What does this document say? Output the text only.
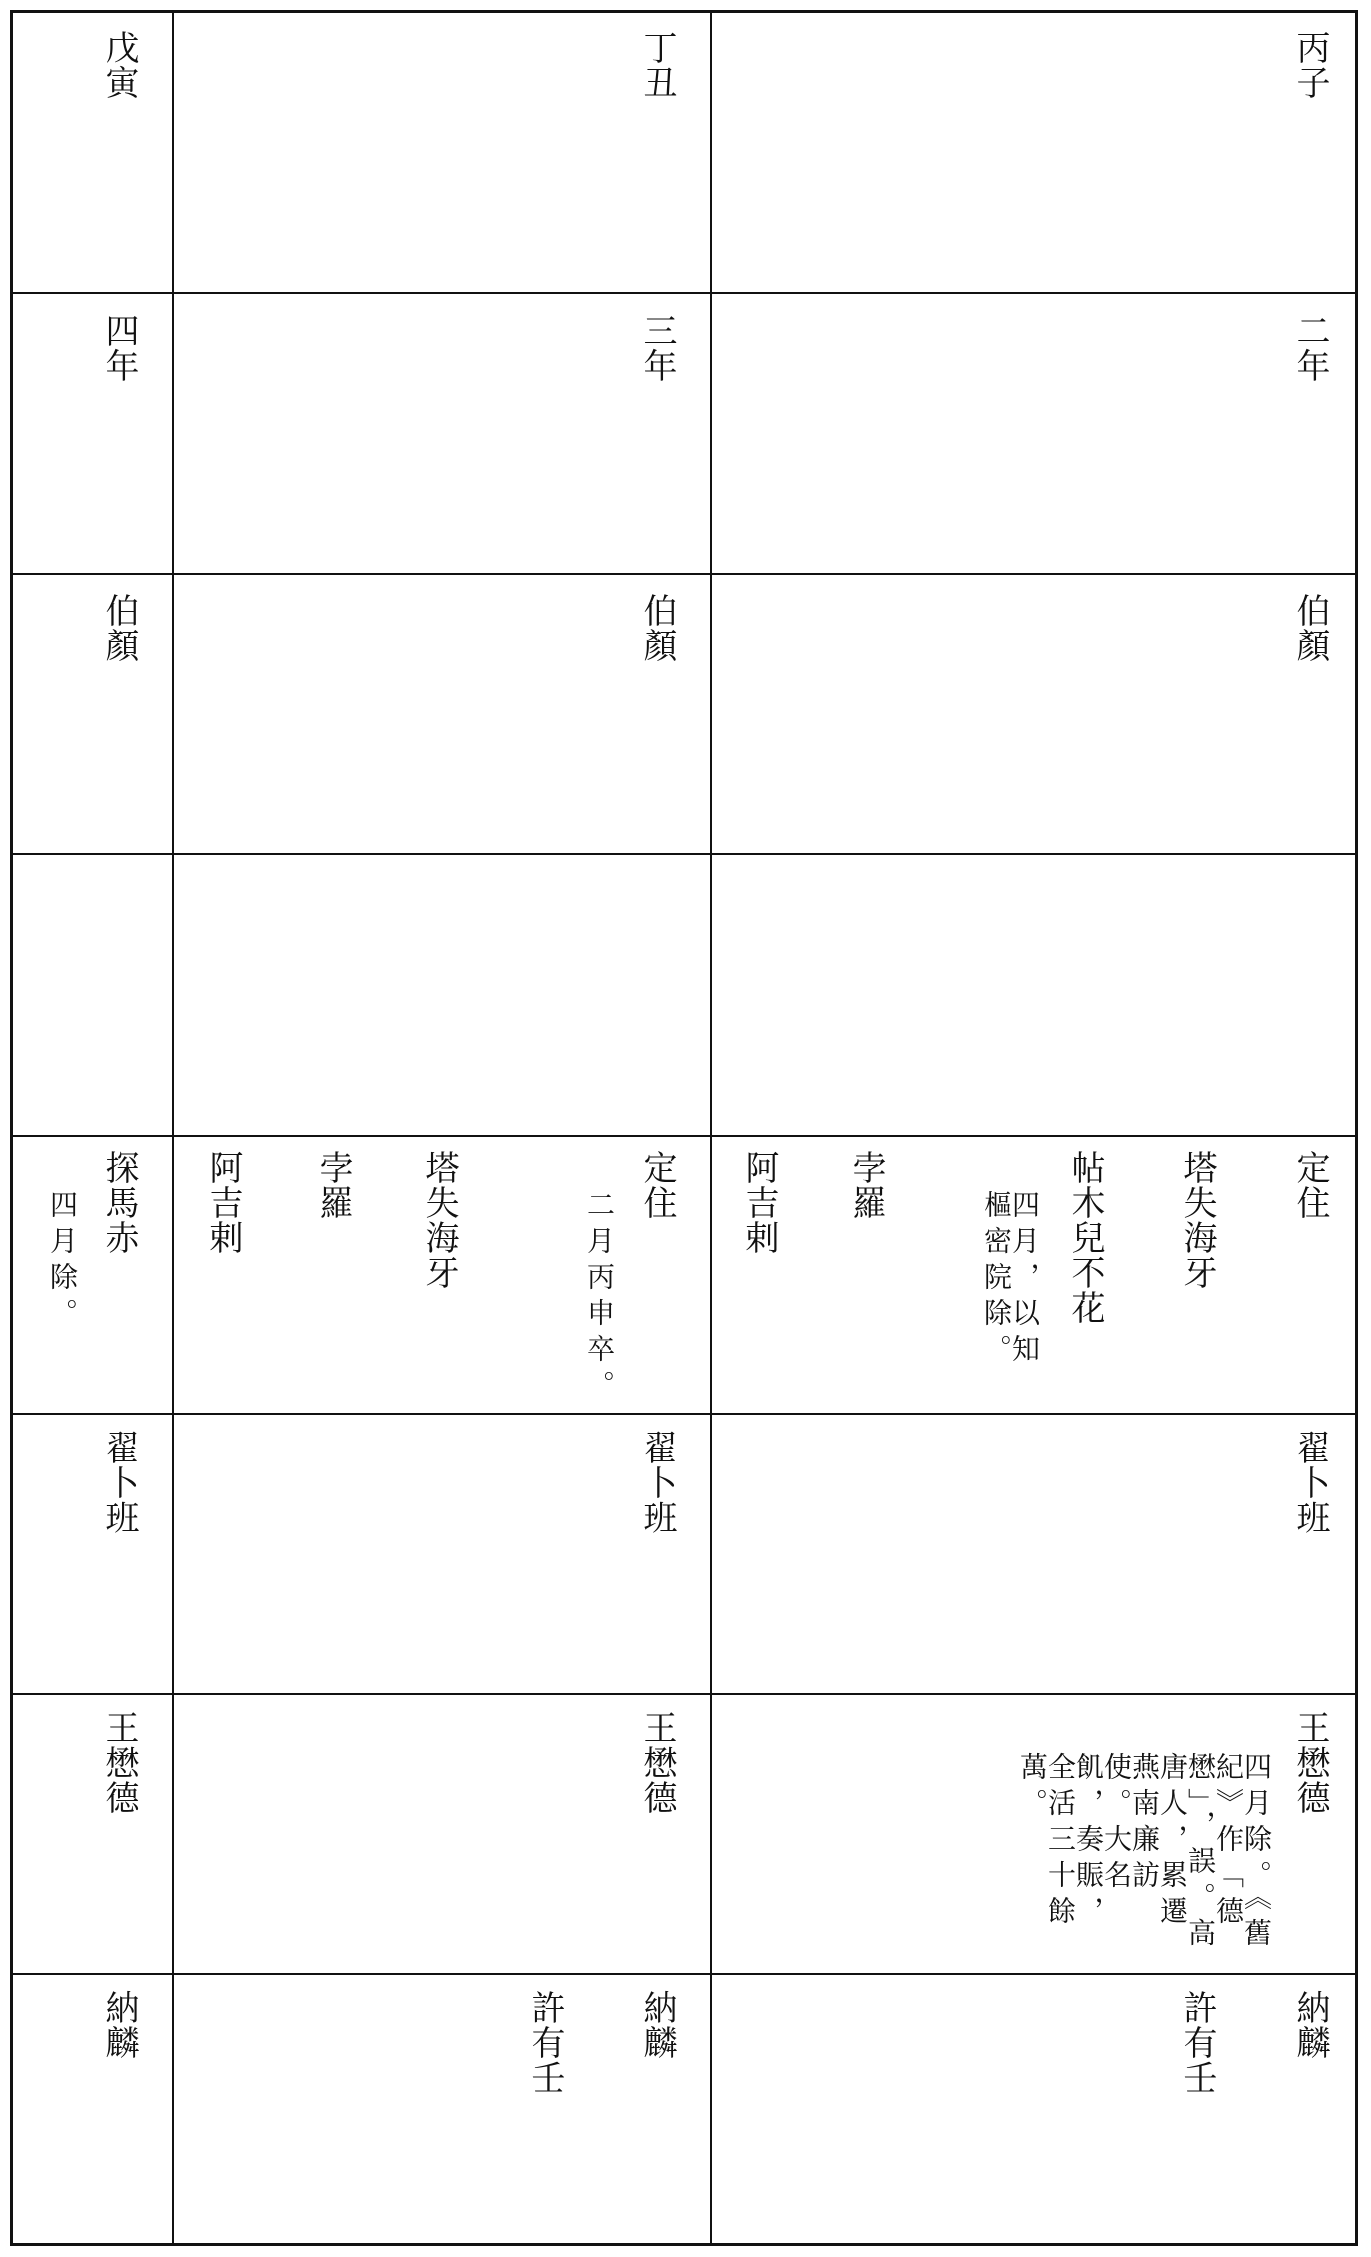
丙子
二年
伯顏
定住
塔失海牙
帖木兒不花
四月，以知樞密院除。
孛羅
阿吉剌
翟卜班
王懋德
四月除。《舊紀》作「德懋」，誤。高唐人，累遷燕南廉訪使。大名飢，奏賑，全活三十餘萬。
納麟
許有壬
丁丑
三年
伯顏
定住
二月丙申卒。
塔失海牙
孛羅
阿吉剌
翟卜班
王懋德
納麟
許有壬
戊寅
四年
伯顏
探馬赤
四月除。
翟卜班
王懋德
納麟
